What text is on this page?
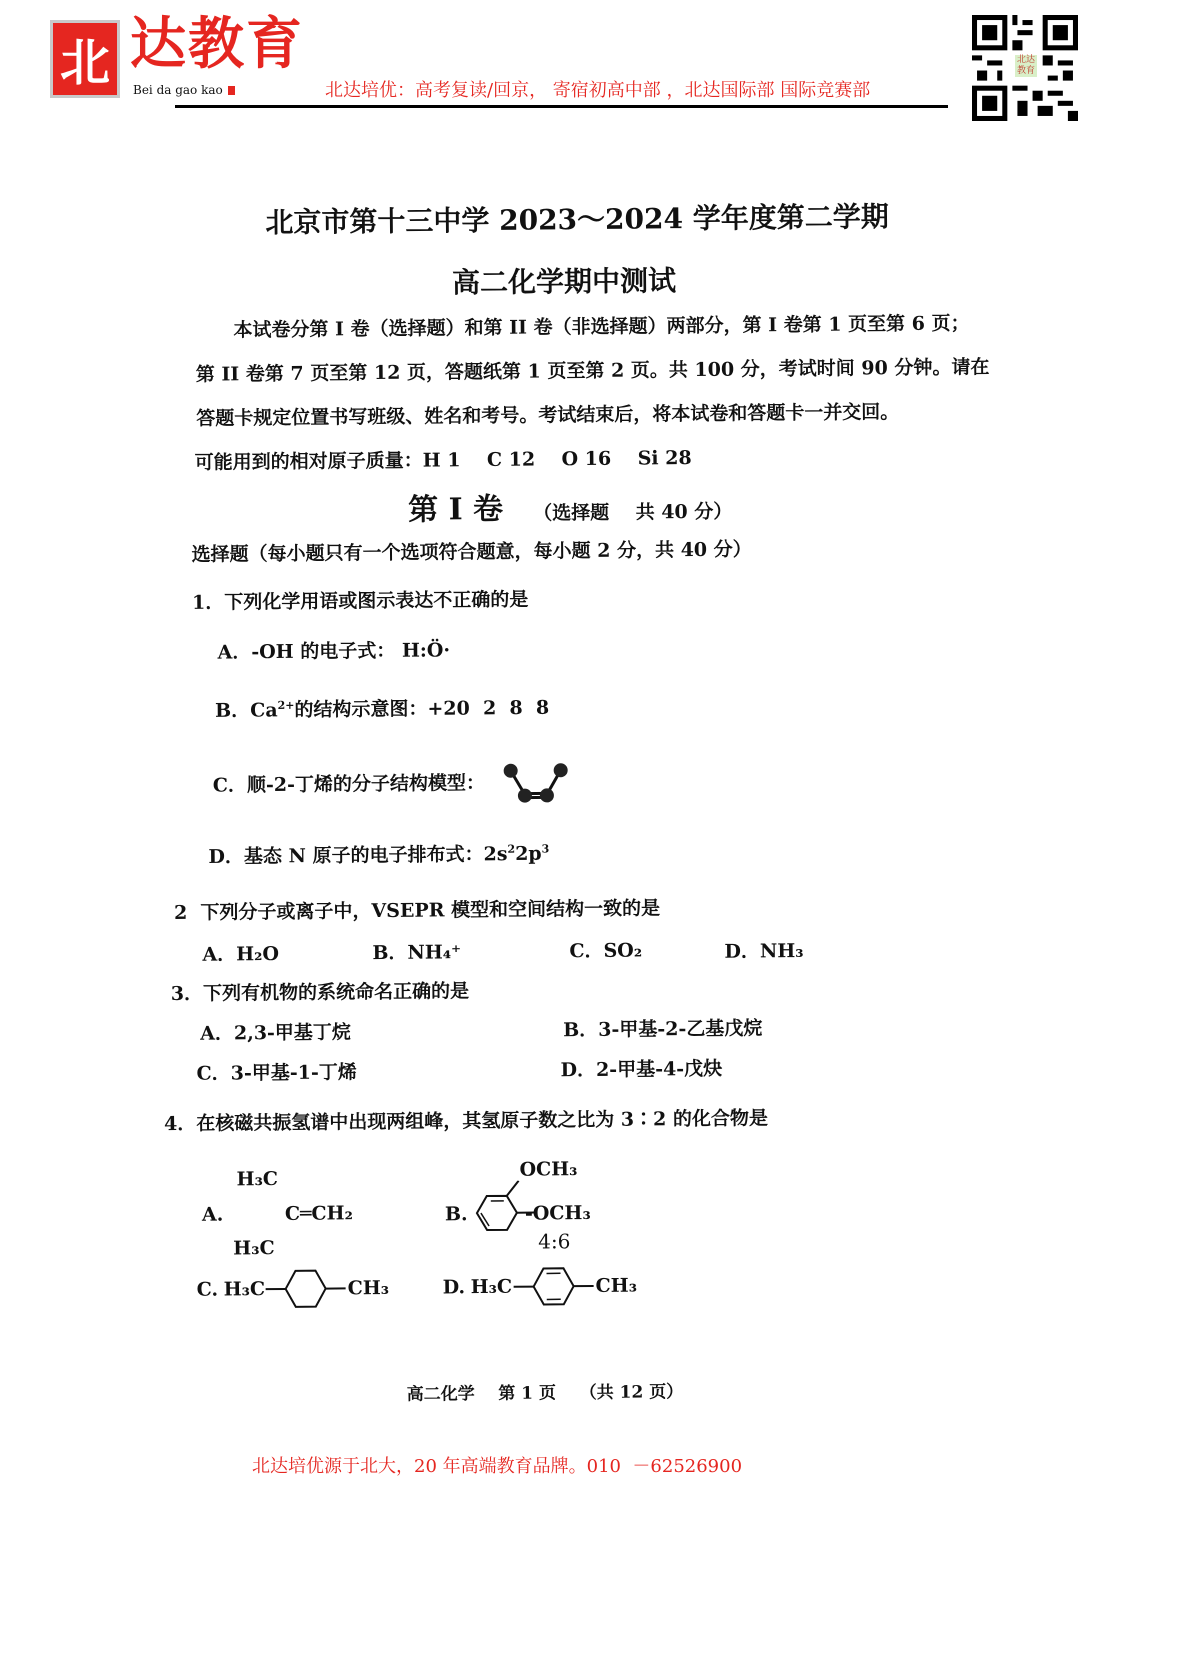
北 达教育
Bei da gao kao	北达培优：高考复读/回京， 寄宿初高中部 ，北达国际部 国际竞赛部
北达教育
北京市第十三中学 2023～2024 学年度第二学期
高二化学期中测试
本试卷分第 I 卷（选择题）和第 II 卷（非选择题）两部分，第 I 卷第 1 页至第 6 页；
第 II 卷第 7 页至第 12 页，答题纸第 1 页至第 2 页。共 100 分，考试时间 90 分钟。请在
答题卡规定位置书写班级、姓名和考号。考试结束后，将本试卷和答题卡一并交回。
可能用到的相对原子质量：H 1    C 12    O 16    Si 28
第 I 卷 （选择题    共 40 分）
选择题（每小题只有一个选项符合题意，每小题 2 分，共 40 分）
1．下列化学用语或图示表达不正确的是
A．-OH 的电子式： H:Ö·
B．$Ca^{2+}$的结构示意图：+20  2  8  8
C．顺-2-丁烯的分子结构模型：
D．基态 N 原子的电子排布式：$2s^22p^3$
2  下列分子或离子中，VSEPR 模型和空间结构一致的是
A．H₂O	B．NH₄⁺	C．SO₂	D．NH₃
3．下列有机物的系统命名正确的是
A．2,3-甲基丁烷	B．3-甲基-2-乙基戊烷
C．3-甲基-1-丁烯	D．2-甲基-4-戊炔
4．在核磁共振氢谱中出现两组峰，其氢原子数之比为 3∶2 的化合物是
A.
H₃C
C═CH₂
H₃C
B.
OCH₃
-OCH₃
4:6
C. H₃C	CH₃	D. H₃C	CH₃
高二化学    第 1 页    （共 12 页）
北达培优源于北大，20 年高端教育品牌。010  －62526900
